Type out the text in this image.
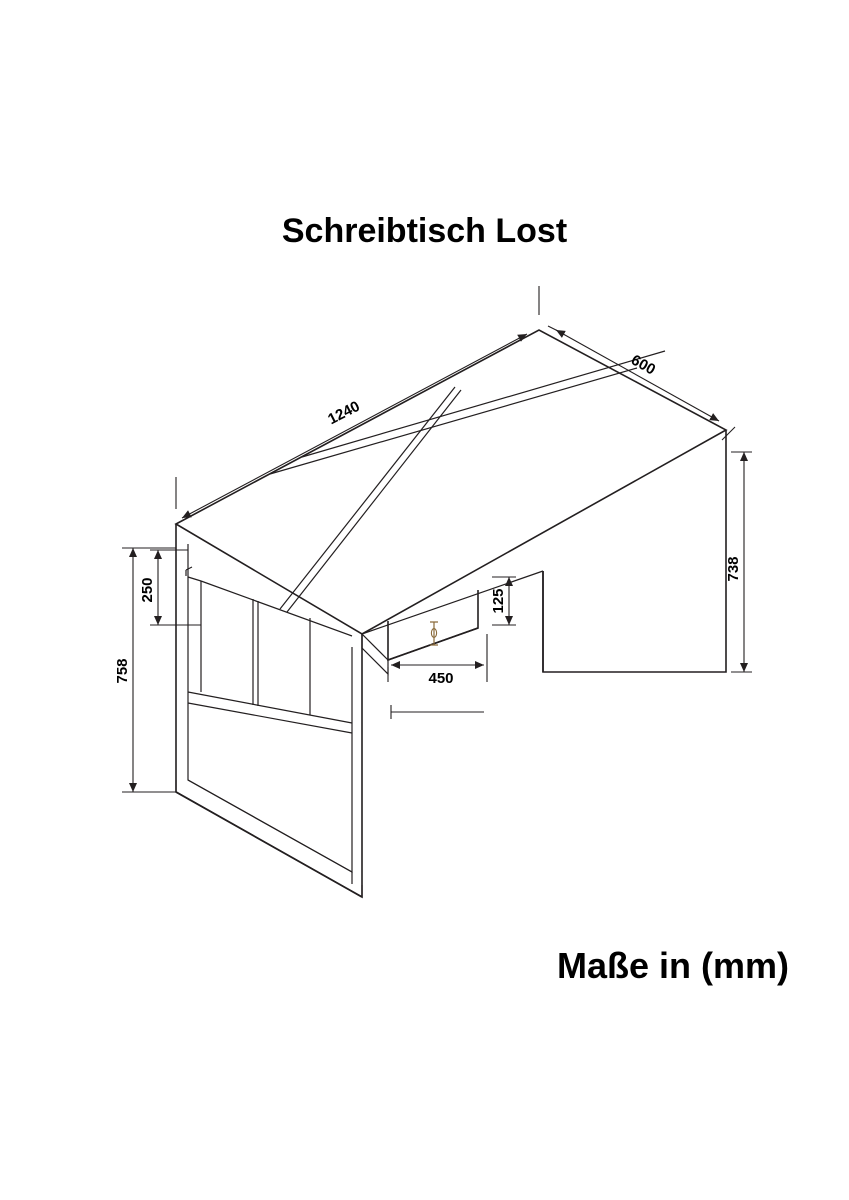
Schreibtisch Lost
1240
600
738
758
250	125
450
Maße in (mm)
